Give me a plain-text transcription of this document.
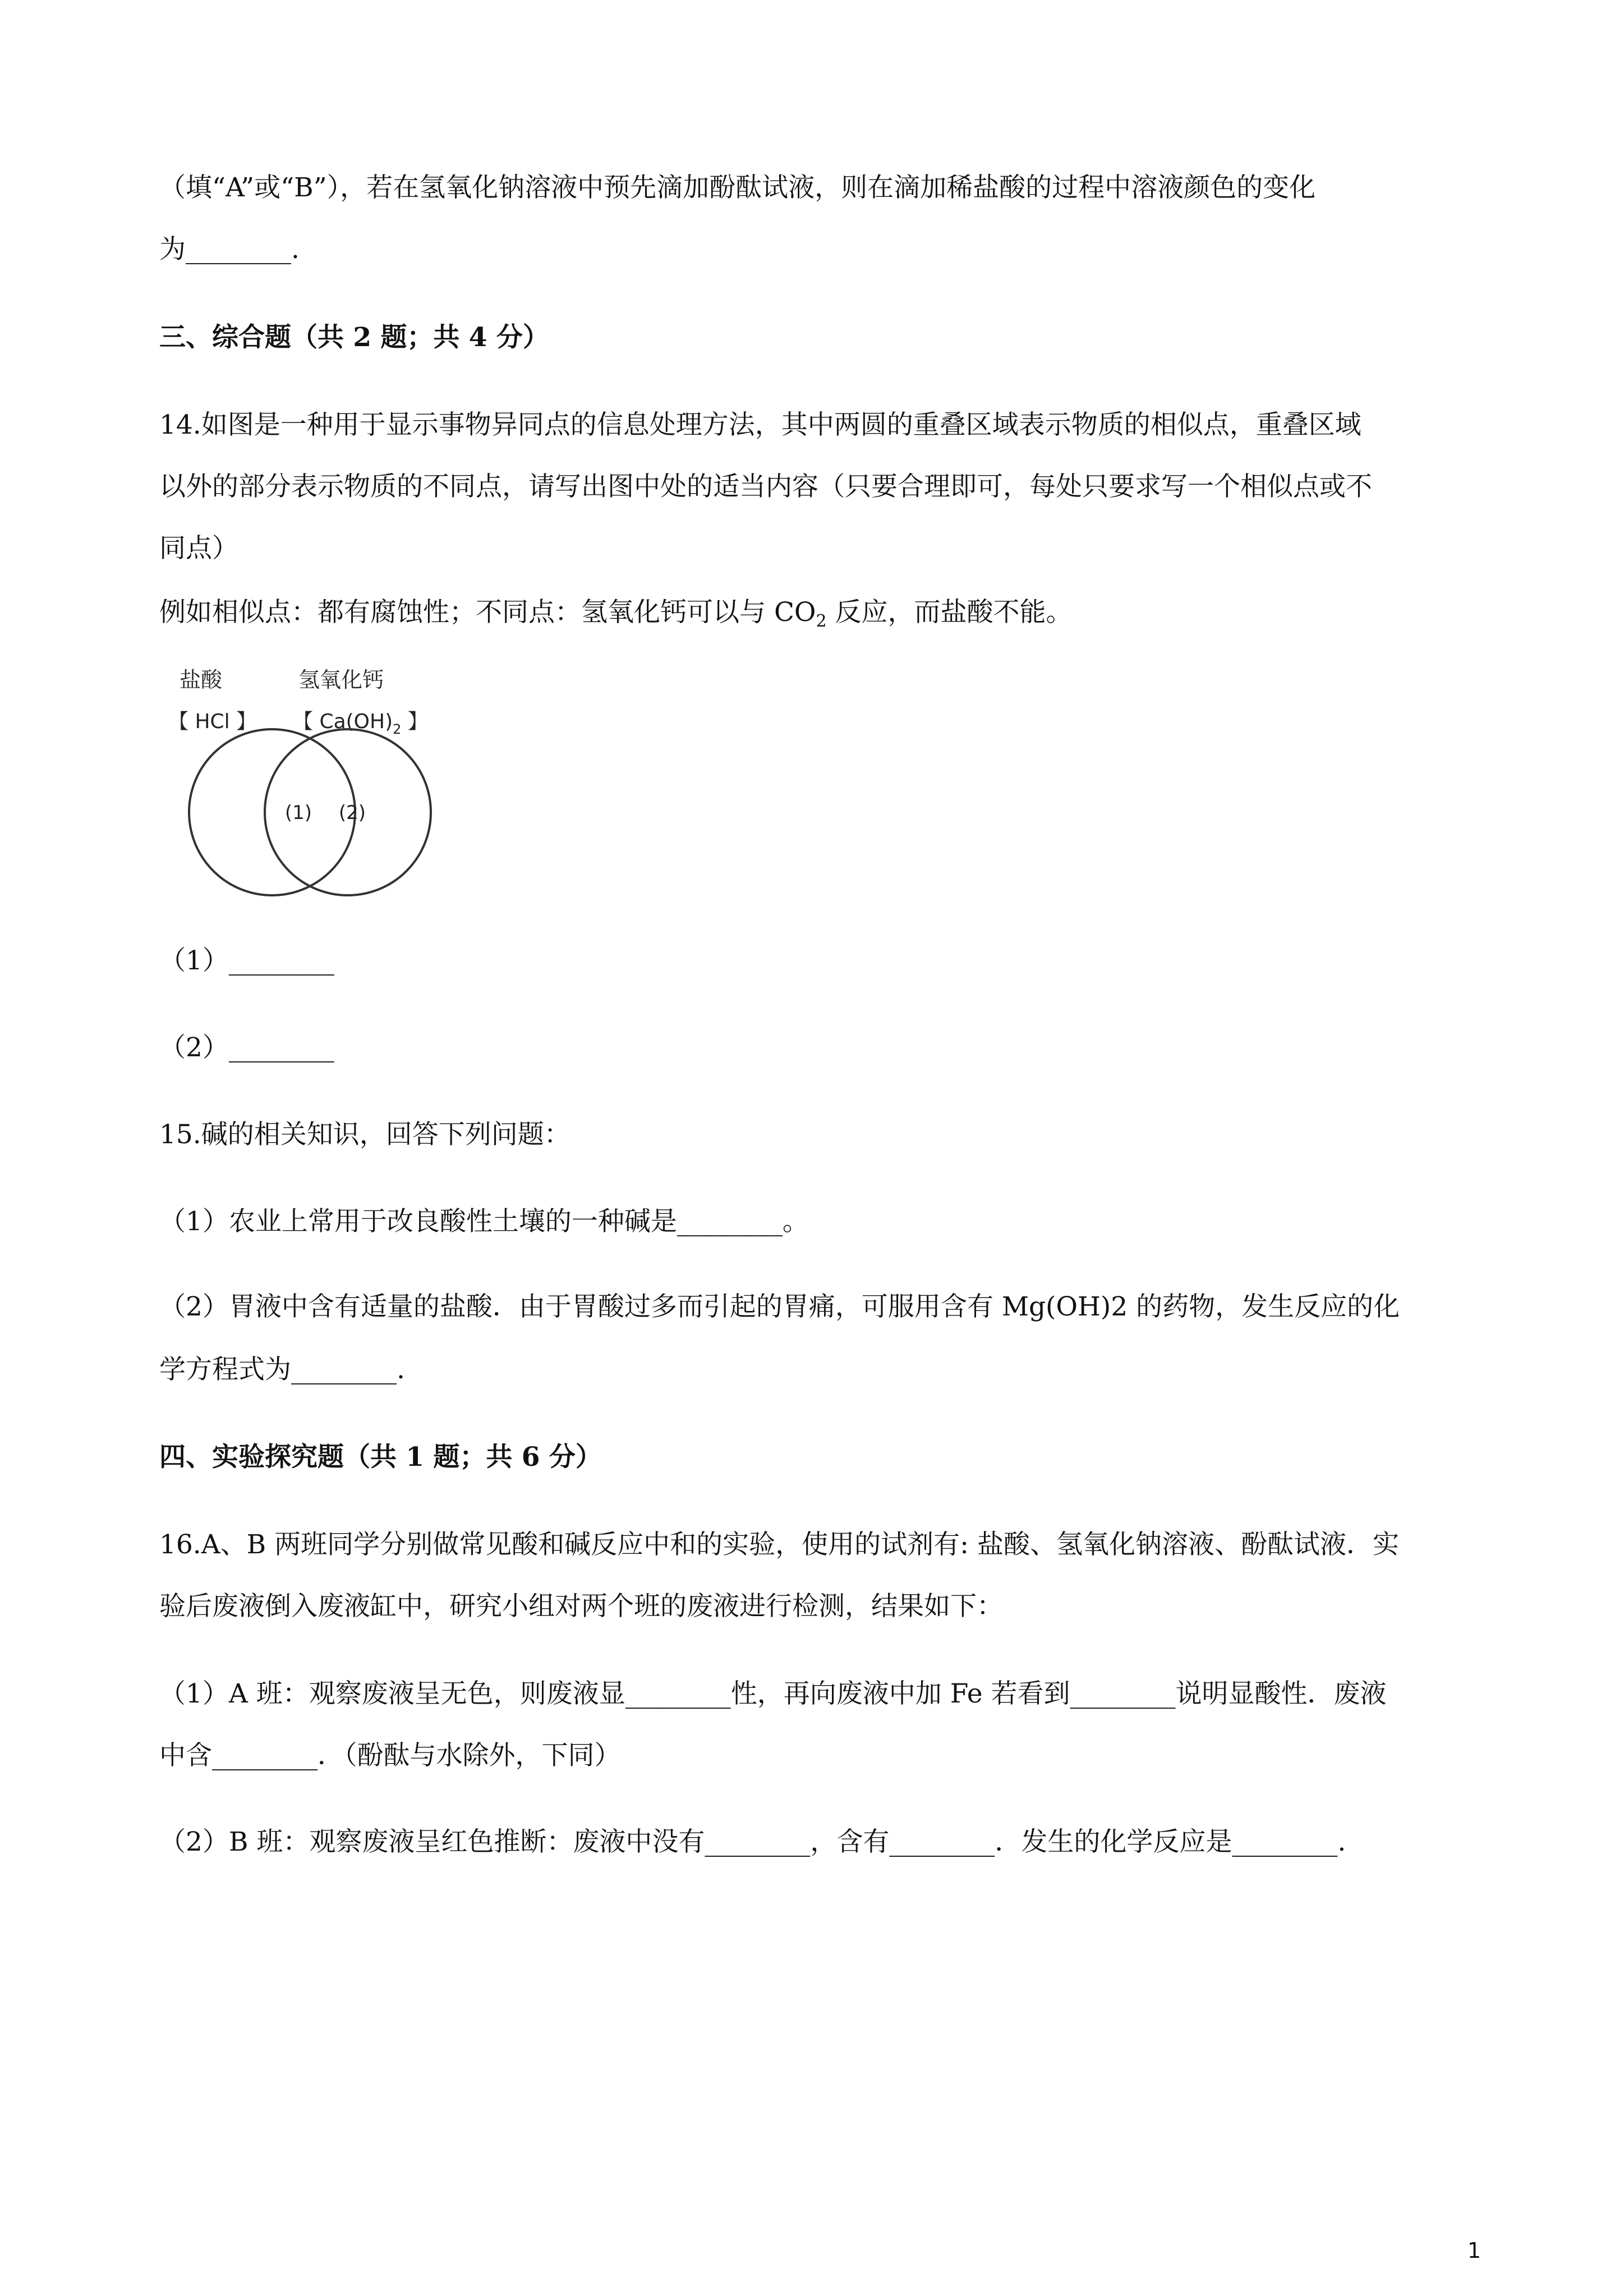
（填“A”或“B”），若在氢氧化钠溶液中预先滴加酚酞试液，则在滴加稀盐酸的过程中溶液颜色的变化
为________.
三、综合题（共 2 题；共 4 分）
14.如图是一种用于显示事物异同点的信息处理方法，其中两圆的重叠区域表示物质的相似点，重叠区域
以外的部分表示物质的不同点，请写出图中处的适当内容（只要合理即可，每处只要求写一个相似点或不
同点）
例如相似点：都有腐蚀性；不同点：氢氧化钙可以与 $CO_2$ 反应，而盐酸不能。
盐酸	氢氧化钙
【 HCl 】 【 $Ca(OH)_2$ 】
(1) (2)
（1）________
（2）________
15.碱的相关知识，回答下列问题：
（1）农业上常用于改良酸性土壤的一种碱是________。
（2）胃液中含有适量的盐酸．由于胃酸过多而引起的胃痛，可服用含有 Mg(OH)2 的药物，发生反应的化
学方程式为________.
四、实验探究题（共 1 题；共 6 分）
16.A、B 两班同学分别做常见酸和碱反应中和的实验，使用的试剂有: 盐酸、氢氧化钠溶液、酚酞试液．实
验后废液倒入废液缸中，研究小组对两个班的废液进行检测，结果如下：
（1）A 班：观察废液呈无色，则废液显________性，再向废液中加 Fe 若看到________说明显酸性．废液
中含________．（酚酞与水除外，下同）
（2）B 班：观察废液呈红色推断：废液中没有________，含有________．发生的化学反应是________.
1
